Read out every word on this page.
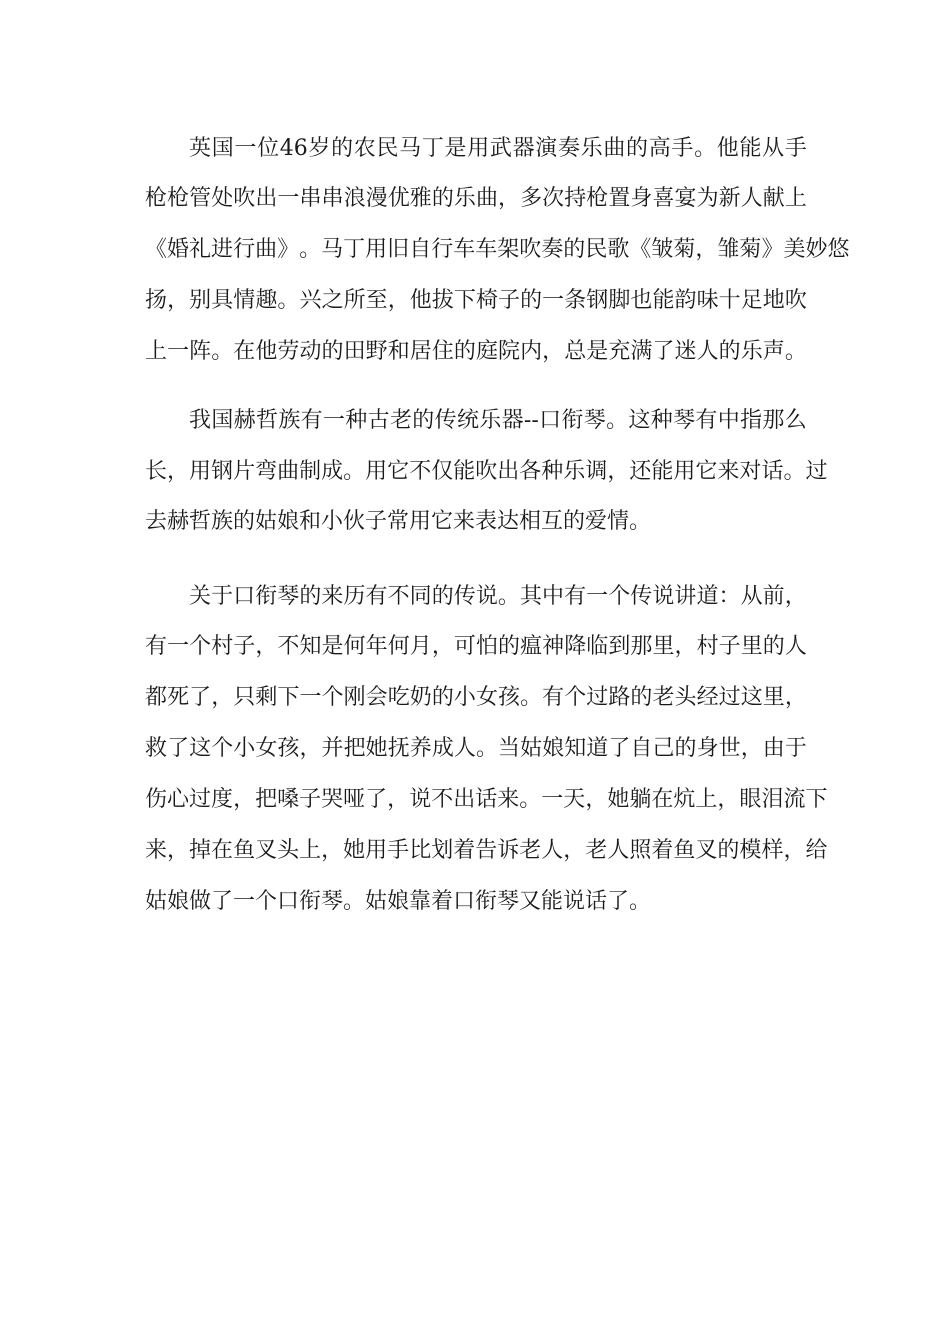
英 国 一 位 46 岁 的 农 民 马 丁 是 用 武 器 演 奏 乐 曲 的 高 手 。 他 能 从 手
枪 枪 管 处 吹 出 一 串 串 浪 漫 优 雅 的 乐 曲 ， 多 次 持 枪 置 身 喜 宴 为 新 人 献 上
《 婚 礼 进 行 曲 》 。 马 丁 用 旧 自 行 车 车 架 吹 奏 的 民 歌 《 皱 菊 ， 雏 菊 》 美 妙 悠
扬 ， 别 具 情 趣 。 兴 之 所 至 ， 他 拔 下 椅 子 的 一 条 钢 脚 也 能 韵 味 十 足 地 吹
上 一 阵 。 在 他 劳 动 的 田 野 和 居 住 的 庭 院 内 ， 总 是 充 满 了 迷 人 的 乐 声 。
我 国 赫 哲 族 有 一 种 古 老 的 传 统 乐 器 -- 口 衔 琴 。 这 种 琴 有 中 指 那 么
长 ， 用 钢 片 弯 曲 制 成 。 用 它 不 仅 能 吹 出 各 种 乐 调 ， 还 能 用 它 来 对 话 。 过
去赫哲族的姑娘和小伙子常用它来表达相互的爱情。
关 于 口 衔 琴 的 来 历 有 不 同 的 传 说 。 其 中 有 一 个 传 说 讲 道 ： 从 前 ，
有 一 个 村 子 ， 不 知 是 何 年 何 月 ， 可 怕 的 瘟 神 降 临 到 那 里 ， 村 子 里 的 人
都 死 了 ， 只 剩 下 一 个 刚 会 吃 奶 的 小 女 孩 。 有 个 过 路 的 老 头 经 过 这 里 ，
救 了 这 个 小 女 孩 ， 并 把 她 抚 养 成 人 。 当 姑 娘 知 道 了 自 己 的 身 世 ， 由 于
伤 心 过 度 ， 把 嗓 子 哭 哑 了 ， 说 不 出 话 来 。 一 天 ， 她 躺 在 炕 上 ， 眼 泪 流 下
来 ， 掉 在 鱼 叉 头 上 ， 她 用 手 比 划 着 告 诉 老 人 ， 老 人 照 着 鱼 叉 的 模 样 ， 给
姑娘做了一个口衔琴。姑娘靠着口衔琴又能说话了。
